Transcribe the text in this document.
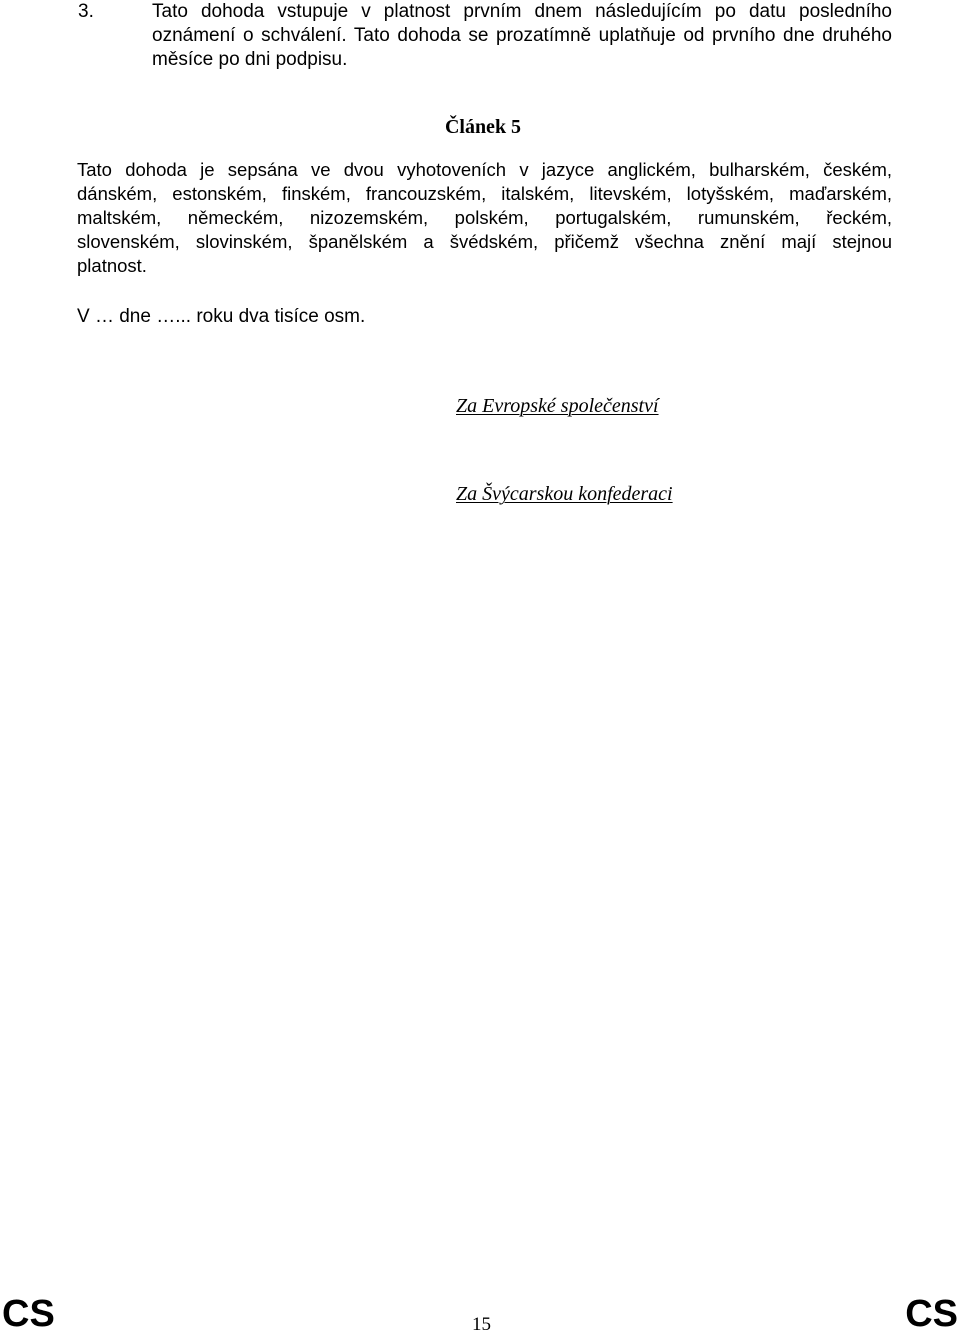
3.	Tato dohoda vstupuje v platnost prvním dnem následujícím po datu posledního
oznámení o schválení. Tato dohoda se prozatímně uplatňuje od prvního dne druhého
měsíce po dni podpisu.
Článek 5
Tato dohoda je sepsána ve dvou vyhotoveních v jazyce anglickém, bulharském, českém,
dánském, estonském, finském, francouzském, italském, litevském, lotyšském, maďarském,
maltském, německém, nizozemském, polském, portugalském, rumunském, řeckém,
slovenském, slovinském, španělském a švédském, přičemž všechna znění mají stejnou
platnost.
V … dne …... roku dva tisíce osm.
Za Evropské společenství
Za Švýcarskou konfederaci
CS	15	CS
